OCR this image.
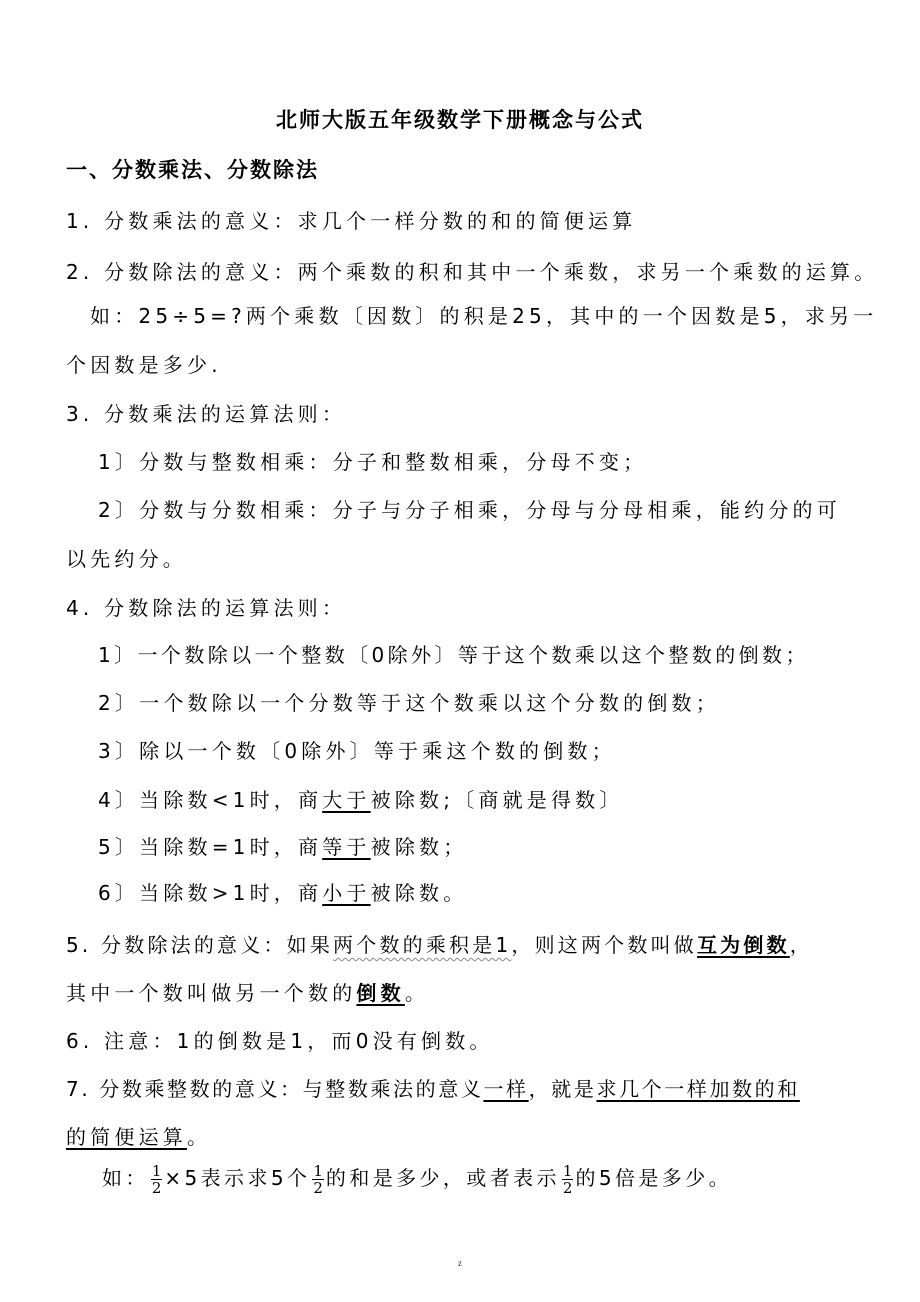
北师大版五年级数学下册概念与公式
一、分数乘法、分数除法
1. 分数乘法的意义：求几个一样分数的和的简便运算
2. 分数除法的意义：两个乘数的积和其中一个乘数，求另一个乘数的运算。
如：25÷5=?两个乘数〔因数〕的积是25，其中的一个因数是5，求另一
个因数是多少.
3. 分数乘法的运算法则：
1〕分数与整数相乘：分子和整数相乘，分母不变；
2〕分数与分数相乘：分子与分子相乘，分母与分母相乘，能约分的可
以先约分。
4. 分数除法的运算法则：
1〕一个数除以一个整数〔0除外〕等于这个数乘以这个整数的倒数；
2〕一个数除以一个分数等于这个数乘以这个分数的倒数；
3〕除以一个数〔0除外〕等于乘这个数的倒数；
4〕当除数<1时，商大于被除数;〔商就是得数〕
5〕当除数=1时，商等于被除数；
6〕当除数>1时，商小于被除数。
5. 分数除法的意义：如果两个数的乘积是1，则这两个数叫做互为倒数，
其中一个数叫做另一个数的倒数。
6. 注意：1的倒数是1，而0没有倒数。
7. 分数乘整数的意义：与整数乘法的意义一样，就是求几个一样加数的和
的简便运算。
如： $\frac{1}{2} \times 5$表示求5个 $\frac{1}{2}$ 的和是多少，或者表示 $\frac{1}{2}$ 的5倍是多少。
z
